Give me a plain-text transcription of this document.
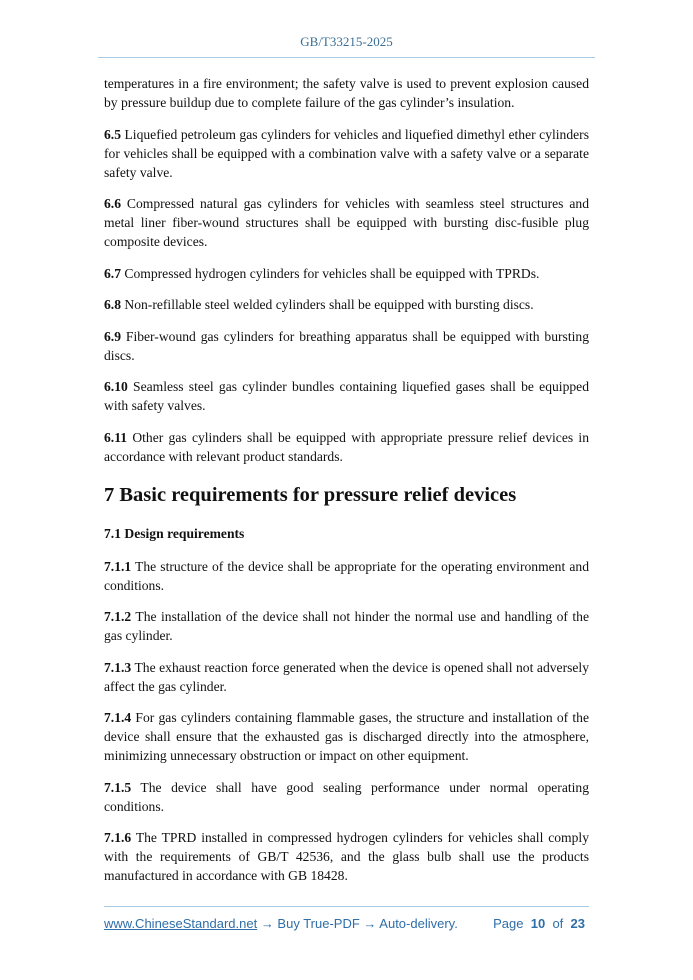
GB/T33215-2025

temperatures in a fire environment; the safety valve is used to prevent explosion caused by pressure buildup due to complete failure of the gas cylinder’s insulation.

6.5 Liquefied petroleum gas cylinders for vehicles and liquefied dimethyl ether cylinders for vehicles shall be equipped with a combination valve with a safety valve or a separate safety valve.

6.6 Compressed natural gas cylinders for vehicles with seamless steel structures and metal liner fiber-wound structures shall be equipped with bursting disc-fusible plug composite devices.

6.7 Compressed hydrogen cylinders for vehicles shall be equipped with TPRDs.

6.8 Non-refillable steel welded cylinders shall be equipped with bursting discs.

6.9 Fiber-wound gas cylinders for breathing apparatus shall be equipped with bursting discs.

6.10 Seamless steel gas cylinder bundles containing liquefied gases shall be equipped with safety valves.

6.11 Other gas cylinders shall be equipped with appropriate pressure relief devices in accordance with relevant product standards.

7 Basic requirements for pressure relief devices
7.1 Design requirements

7.1.1 The structure of the device shall be appropriate for the operating environment and conditions.

7.1.2 The installation of the device shall not hinder the normal use and handling of the gas cylinder.

7.1.3 The exhaust reaction force generated when the device is opened shall not adversely affect the gas cylinder.

7.1.4 For gas cylinders containing flammable gases, the structure and installation of the device shall ensure that the exhausted gas is discharged directly into the atmosphere, minimizing unnecessary obstruction or impact on other equipment.

7.1.5 The device shall have good sealing performance under normal operating conditions.

7.1.6 The TPRD installed in compressed hydrogen cylinders for vehicles shall comply with the requirements of GB/T 42536, and the glass bulb shall use the products manufactured in accordance with GB 18428.

www.ChineseStandard.net → Buy True-PDF → Auto-delivery.	Page 10 of 23
